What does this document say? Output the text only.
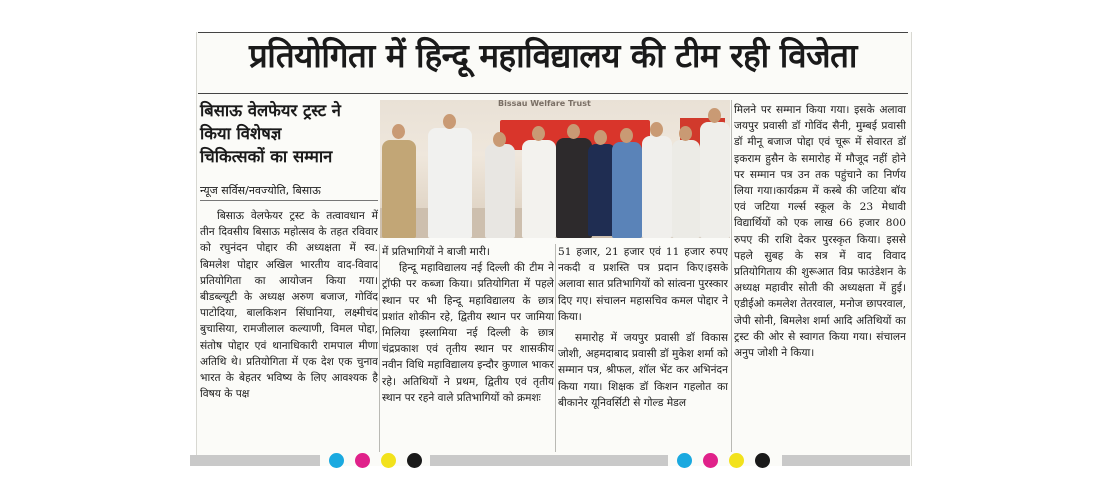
प्रतियोगिता में हिन्दू महाविद्यालय की टीम रही विजेता
बिसाऊ वेलफेयर ट्रस्ट ने
किया विशेषज्ञ
चिकित्सकों का सम्मान
न्यूज सर्विस/नवज्योति, बिसाऊ
Bissau Welfare Trust

बिसाऊ वेलफेयर ट्रस्ट के तत्वावधान में तीन दिवसीय बिसाऊ महोत्सव के तहत रविवार को रघुनंदन पोद्दार की अध्यक्षता में स्व. बिमलेश पोद्दार अखिल भारतीय वाद-विवाद प्रतियोगिता का आयोजन किया गया। बीडब्ल्यूटी के अध्यक्ष अरुण बजाज, गोविंद पाटोदिया, बालकिशन सिंघानिया, लक्ष्मीचंद बुचासिया, रामजीलाल कल्याणी, विमल पोद्दा, संतोष पोद्दार एवं थानाधिकारी रामपाल मीणा अतिथि थे। प्रतियोगिता में एक देश एक चुनाव भारत के बेहतर भविष्य के लिए आवश्यक है विषय के पक्ष

में प्रतिभागियों ने बाजी मारी।

हिन्दू महाविद्यालय नई दिल्ली की टीम ने ट्रॉफी पर कब्जा किया। प्रतियोगिता में पहले स्थान पर भी हिन्दू महाविद्यालय के छात्र प्रशांत शोकीन रहे, द्वितीय स्थान पर जामिया मिलिया इस्लामिया नई दिल्ली के छात्र चंद्रप्रकाश एवं तृतीय स्थान पर शासकीय नवीन विधि महाविद्यालय इन्दौर कुणाल भाकर रहे। अतिथियों ने प्रथम, द्वितीय एवं तृतीय स्थान पर रहने वाले प्रतिभागियों को क्रमशः

51 हजार, 21 हजार एवं 11 हजार रुपए नकदी व प्रशस्ति पत्र प्रदान किए।इसके अलावा सात प्रतिभागियों को सांत्वना पुरस्कार दिए गए। संचालन महासचिव कमल पोद्दार ने किया।

समारोह में जयपुर प्रवासी डॉ विकास जोशी, अहमदाबाद प्रवासी डॉ मुकेश शर्मा को सम्मान पत्र, श्रीफल, शॉल भेंट कर अभिनंदन किया गया। शिक्षक डॉ किशन गहलोत का बीकानेर यूनिवर्सिटी से गोल्ड मेडल

मिलने पर सम्मान किया गया। इसके अलावा जयपुर प्रवासी डॉ गोविंद सैनी, मुम्बई प्रवासी डॉ मीनू बजाज पोद्दा एवं चूरू में सेवारत डॉ इकराम हुसैन के समारोह में मौजूद नहीं होने पर सम्मान पत्र उन तक पहुंचाने का निर्णय लिया गया।कार्यक्रम में कस्बे की जटिया बॉय एवं जटिया गर्ल्स स्कूल के 23 मेधावी विद्यार्थियों को एक लाख 66 हजार 800 रुपए की राशि देकर पुरस्कृत किया। इससे पहले सुबह के सत्र में वाद विवाद प्रतियोगिताय की शुरूआत विप्र फाउंडेशन के अध्यक्ष महावीर सोती की अध्यक्षता में हुई। एडीईओ कमलेश तेतरवाल, मनोज छापरवाल, जेपी सोनी, बिमलेश शर्मा आदि अतिथियों का ट्रस्ट की ओर से स्वागत किया गया। संचालन अनुप जोशी ने किया।
